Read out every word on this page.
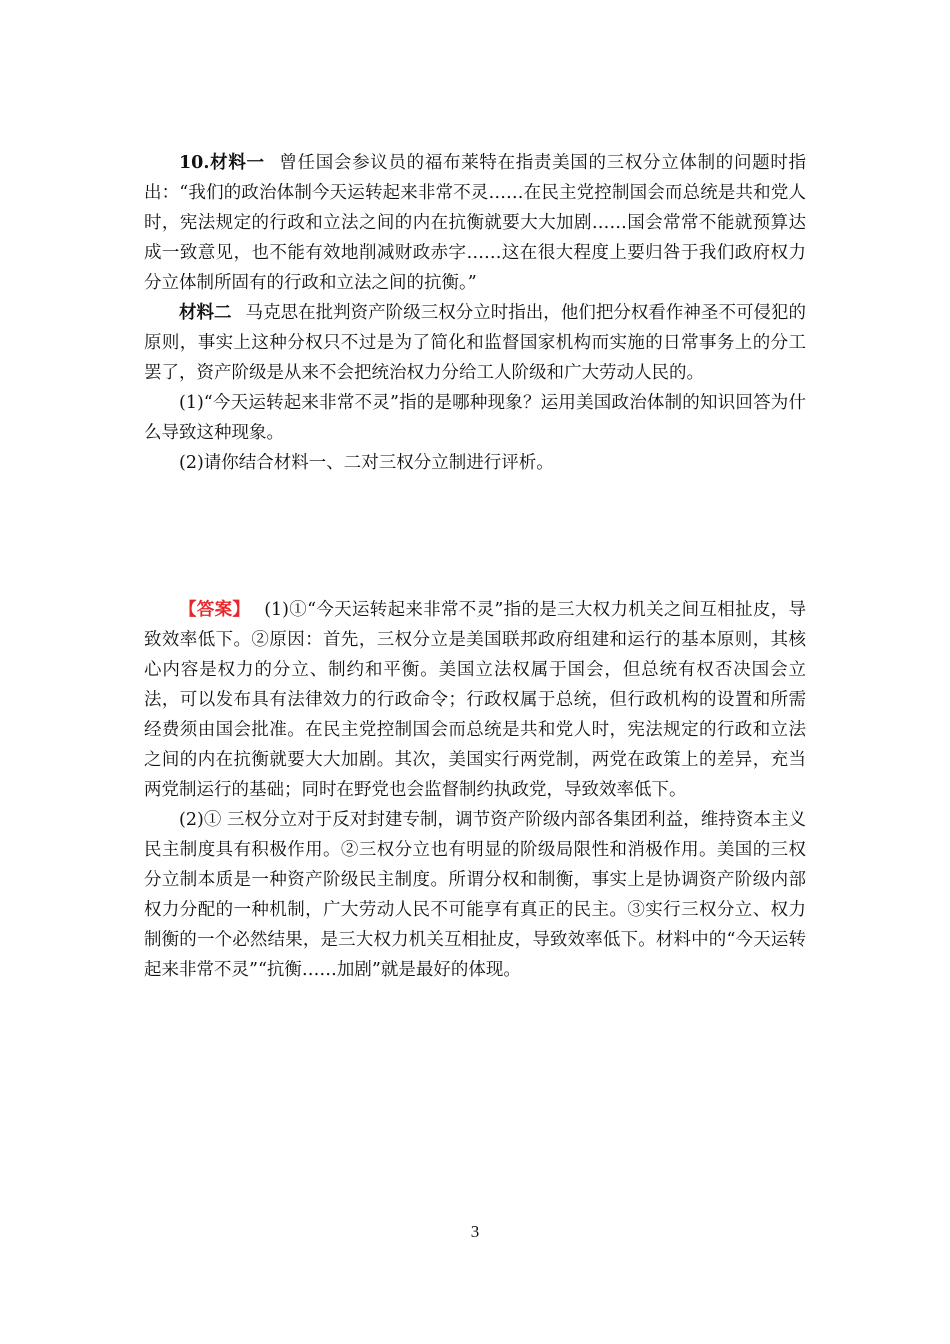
10.材料一 曾任国会参议员的福布莱特在指责美国的三权分立体制的问题时指出：“我们的政治体制今天运转起来非常不灵……在民主党控制国会而总统是共和党人时，宪法规定的行政和立法之间的内在抗衡就要大大加剧……国会常常不能就预算达成一致意见，也不能有效地削减财政赤字……这在很大程度上要归咎于我们政府权力分立体制所固有的行政和立法之间的抗衡。”

材料二 马克思在批判资产阶级三权分立时指出，他们把分权看作神圣不可侵犯的原则，事实上这种分权只不过是为了简化和监督国家机构而实施的日常事务上的分工罢了，资产阶级是从来不会把统治权力分给工人阶级和广大劳动人民的。

(1)“今天运转起来非常不灵”指的是哪种现象？运用美国政治体制的知识回答为什么导致这种现象。

(2)请你结合材料一、二对三权分立制进行评析。

【答案】 (1)①“今天运转起来非常不灵”指的是三大权力机关之间互相扯皮，导致效率低下。②原因：首先，三权分立是美国联邦政府组建和运行的基本原则，其核心内容是权力的分立、制约和平衡。美国立法权属于国会，但总统有权否决国会立法，可以发布具有法律效力的行政命令；行政权属于总统，但行政机构的设置和所需经费须由国会批准。在民主党控制国会而总统是共和党人时，宪法规定的行政和立法之间的内在抗衡就要大大加剧。其次，美国实行两党制，两党在政策上的差异，充当两党制运行的基础；同时在野党也会监督制约执政党，导致效率低下。

(2)① 三权分立对于反对封建专制，调节资产阶级内部各集团利益，维持资本主义民主制度具有积极作用。②三权分立也有明显的阶级局限性和消极作用。美国的三权分立制本质是一种资产阶级民主制度。所谓分权和制衡，事实上是协调资产阶级内部权力分配的一种机制，广大劳动人民不可能享有真正的民主。③实行三权分立、权力制衡的一个必然结果，是三大权力机关互相扯皮，导致效率低下。材料中的“今天运转起来非常不灵”“抗衡……加剧”就是最好的体现。

3
